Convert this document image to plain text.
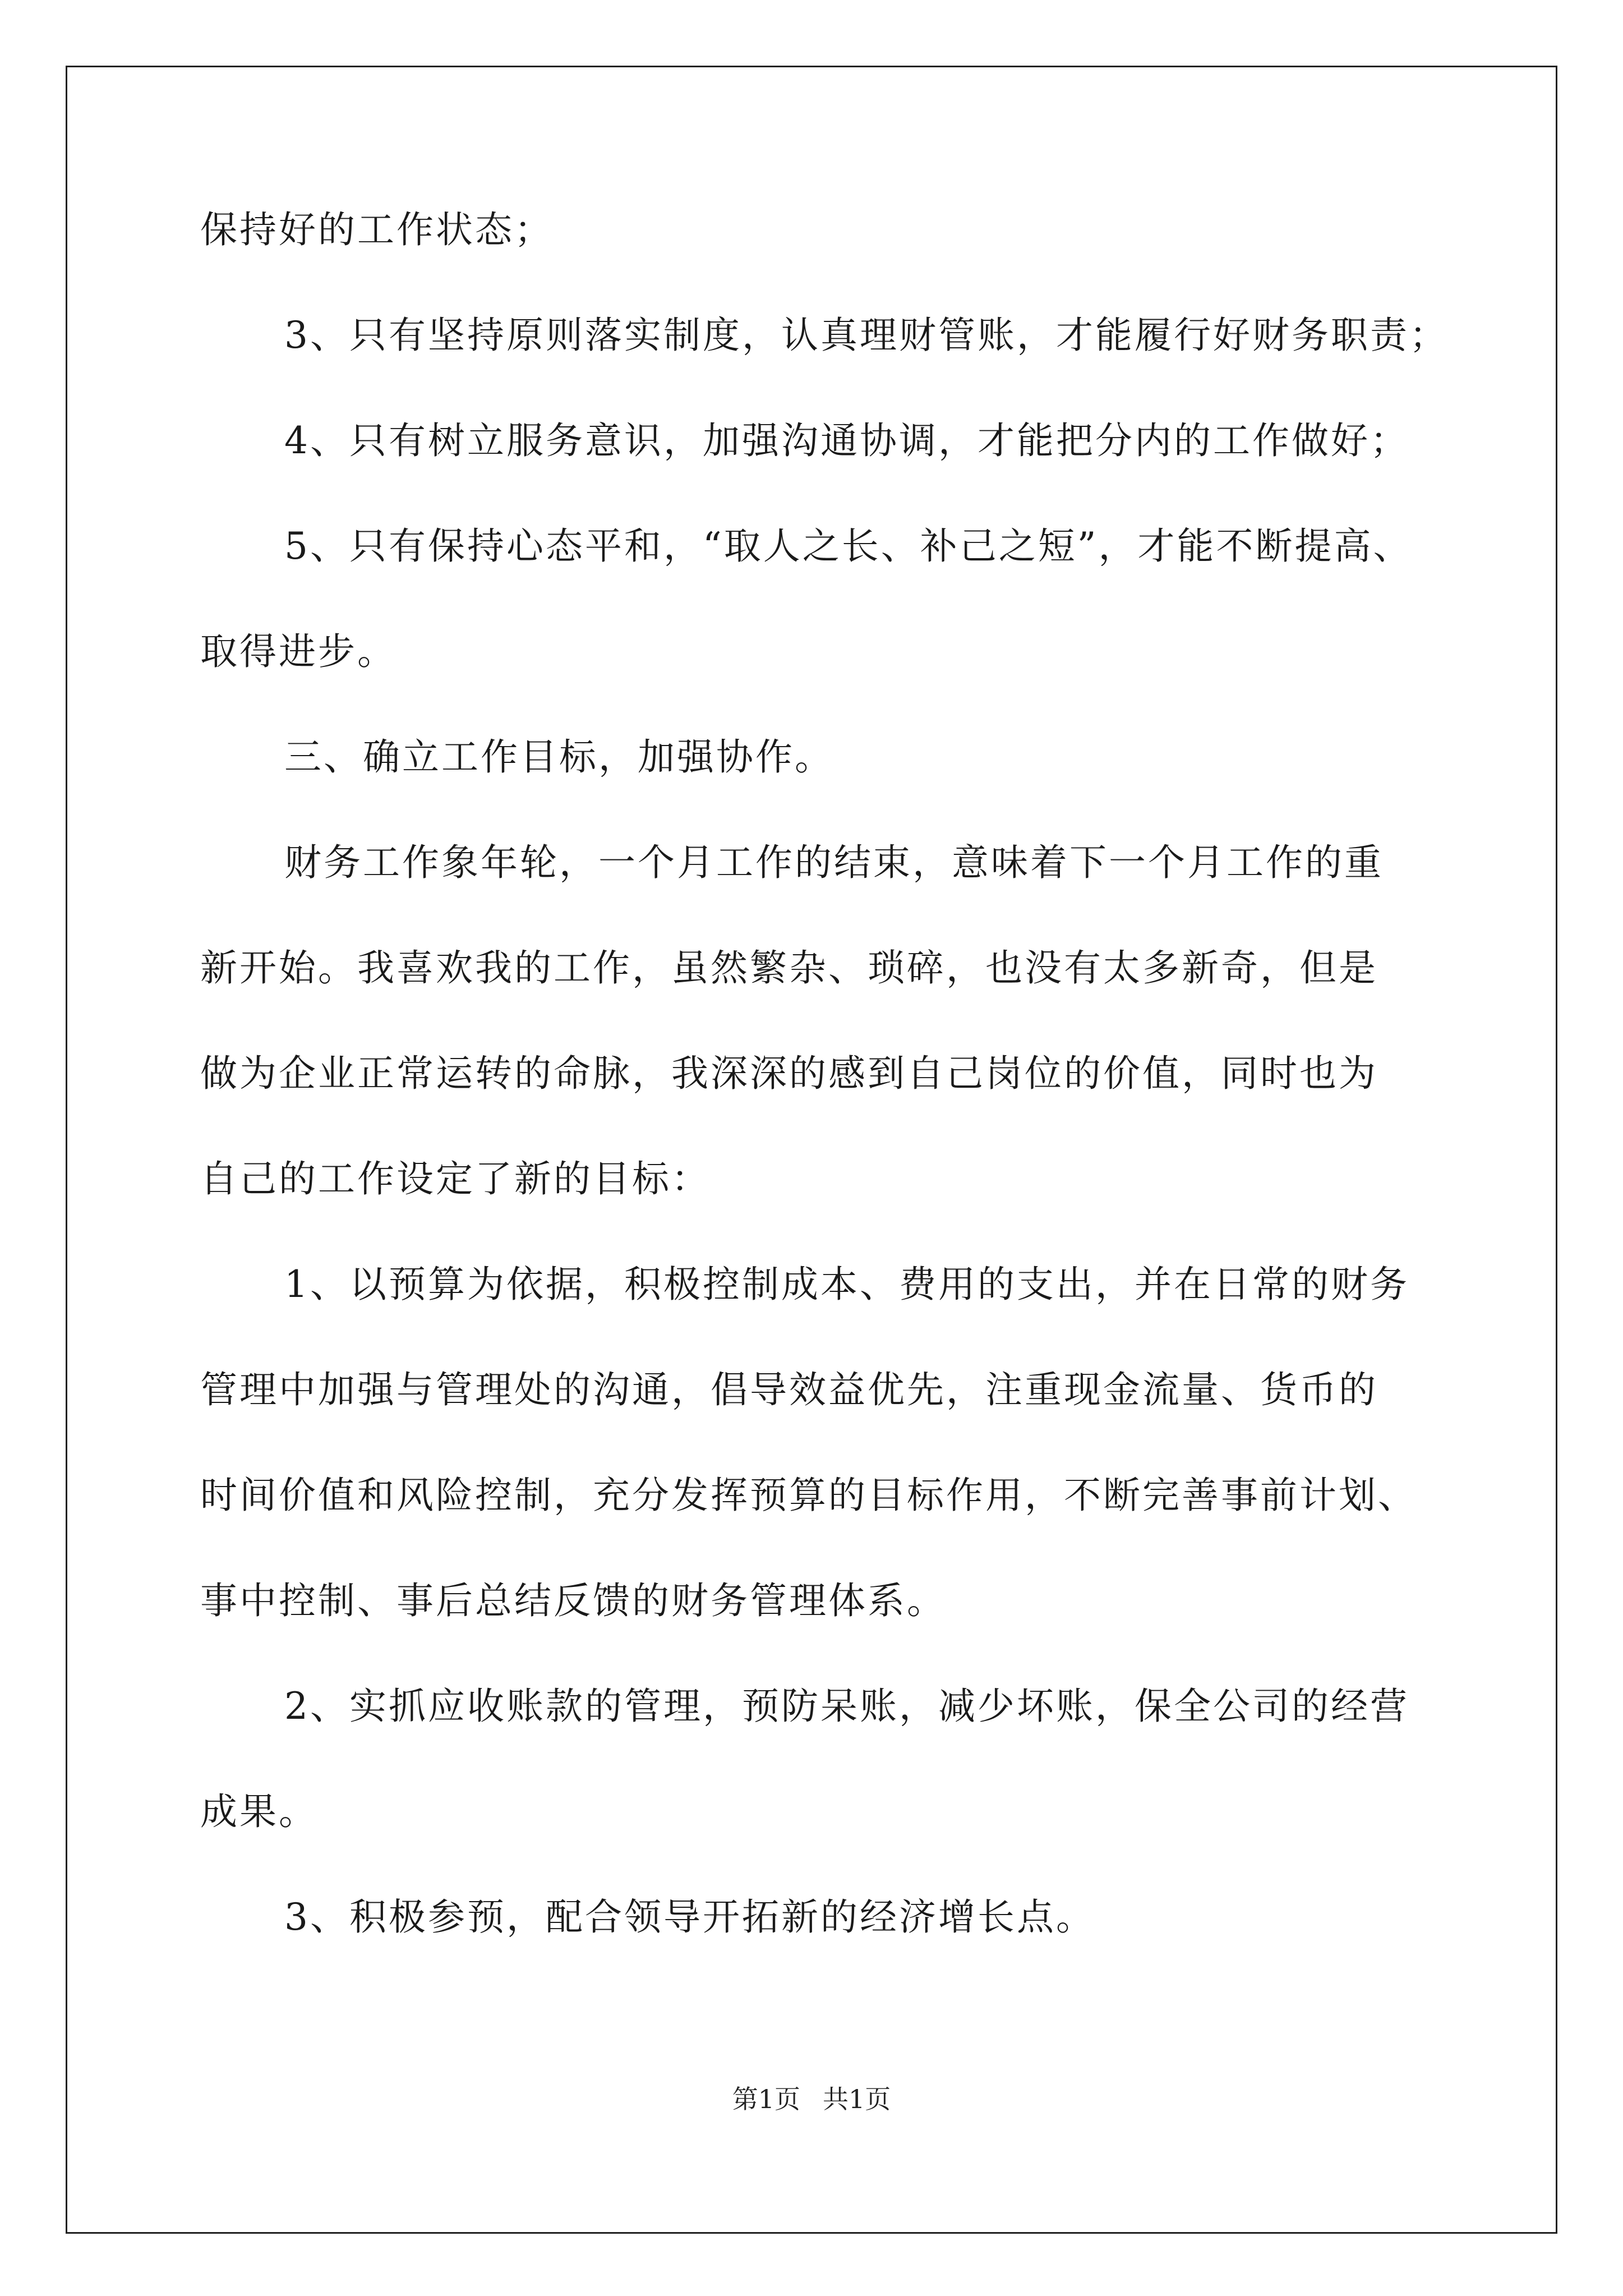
保持好的工作状态；
3、只有坚持原则落实制度，认真理财管账，才能履行好财务职责；
4、只有树立服务意识，加强沟通协调，才能把分内的工作做好；
5、只有保持心态平和，“取人之长、补己之短”，才能不断提高、
取得进步。
三、确立工作目标，加强协作。
财务工作象年轮，一个月工作的结束，意味着下一个月工作的重
新开始。我喜欢我的工作，虽然繁杂、琐碎，也没有太多新奇，但是
做为企业正常运转的命脉，我深深的感到自己岗位的价值，同时也为
自己的工作设定了新的目标：
1、以预算为依据，积极控制成本、费用的支出，并在日常的财务
管理中加强与管理处的沟通，倡导效益优先，注重现金流量、货币的
时间价值和风险控制，充分发挥预算的目标作用，不断完善事前计划、
事中控制、事后总结反馈的财务管理体系。
2、实抓应收账款的管理，预防呆账，减少坏账，保全公司的经营
成果。
3、积极参预，配合领导开拓新的经济增长点。
第1页 共1页
